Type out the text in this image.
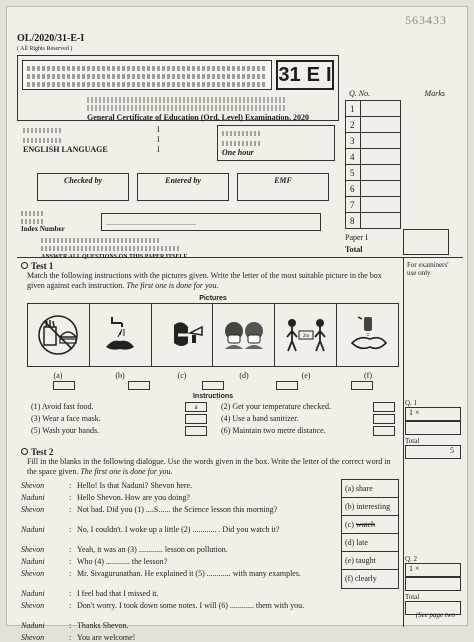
563433
OL/2020/31-E-I
( All Rights Reserved )
31 E I
General Certificate of Education (Ord. Level) Examination, 2020
ENGLISH LANGUAGE
I
I
I	One hour
Checked by	Entered by	EMF
Index Number
.............................................
ANSWER ALL QUESTIONS ON THIS PAPER ITSELF.
Q. No.	Marks
1	
2	
3	
4	
5	
6	
7	
8	
Paper I
Total
For examiners' use only
Test 1
Match the following instructions with the pictures given. Write the letter of the most suitable picture in the box given against each instruction. The first one is done for you.
Pictures
2m
(a)	(b)	(c)	(d)	(e)	(f)
Instructions
(1) Avoid fast food.	a
(3) Wear a face mask.
(5) Wash your hands.
(2) Get your temperature checked.
(4) Use a hand sanitizer.
(6) Maintain two metre distance.
Q. 1
1 ×
Total
5
Test 2
Fill in the blanks in the following dialogue. Use the words given in the box. Write the letter of the correct word in the space given. The first one is done for you.
Shevon	: Hello! Is that Naduni? Shevon here.
Naduni	: Hello Shevon. How are you doing?
Shevon	: Not bad. Did you (1) ....S...... the Science lesson this morning?
Naduni	: No, I couldn't. I woke up a little (2) ............ . Did you watch it?
Shevon	: Yeah, it was an (3) ............ lesson on pollution.
Naduni	: Who (4) ............ the lesson?
Shevon	: Mr. Sivagurunathan. He explained it (5) ............ with many examples.
Naduni	: I feel bad that I missed it.
Shevon	: Don't worry. I took down some notes. I will (6) ............ them with you.
Naduni	: Thanks Shevon.
Shevon	: You are welcome!
(a) share
(b) interesting
(c) watch
(d) late
(e) taught
(f) clearly
Q. 2
1 ×
Total
(See page two
